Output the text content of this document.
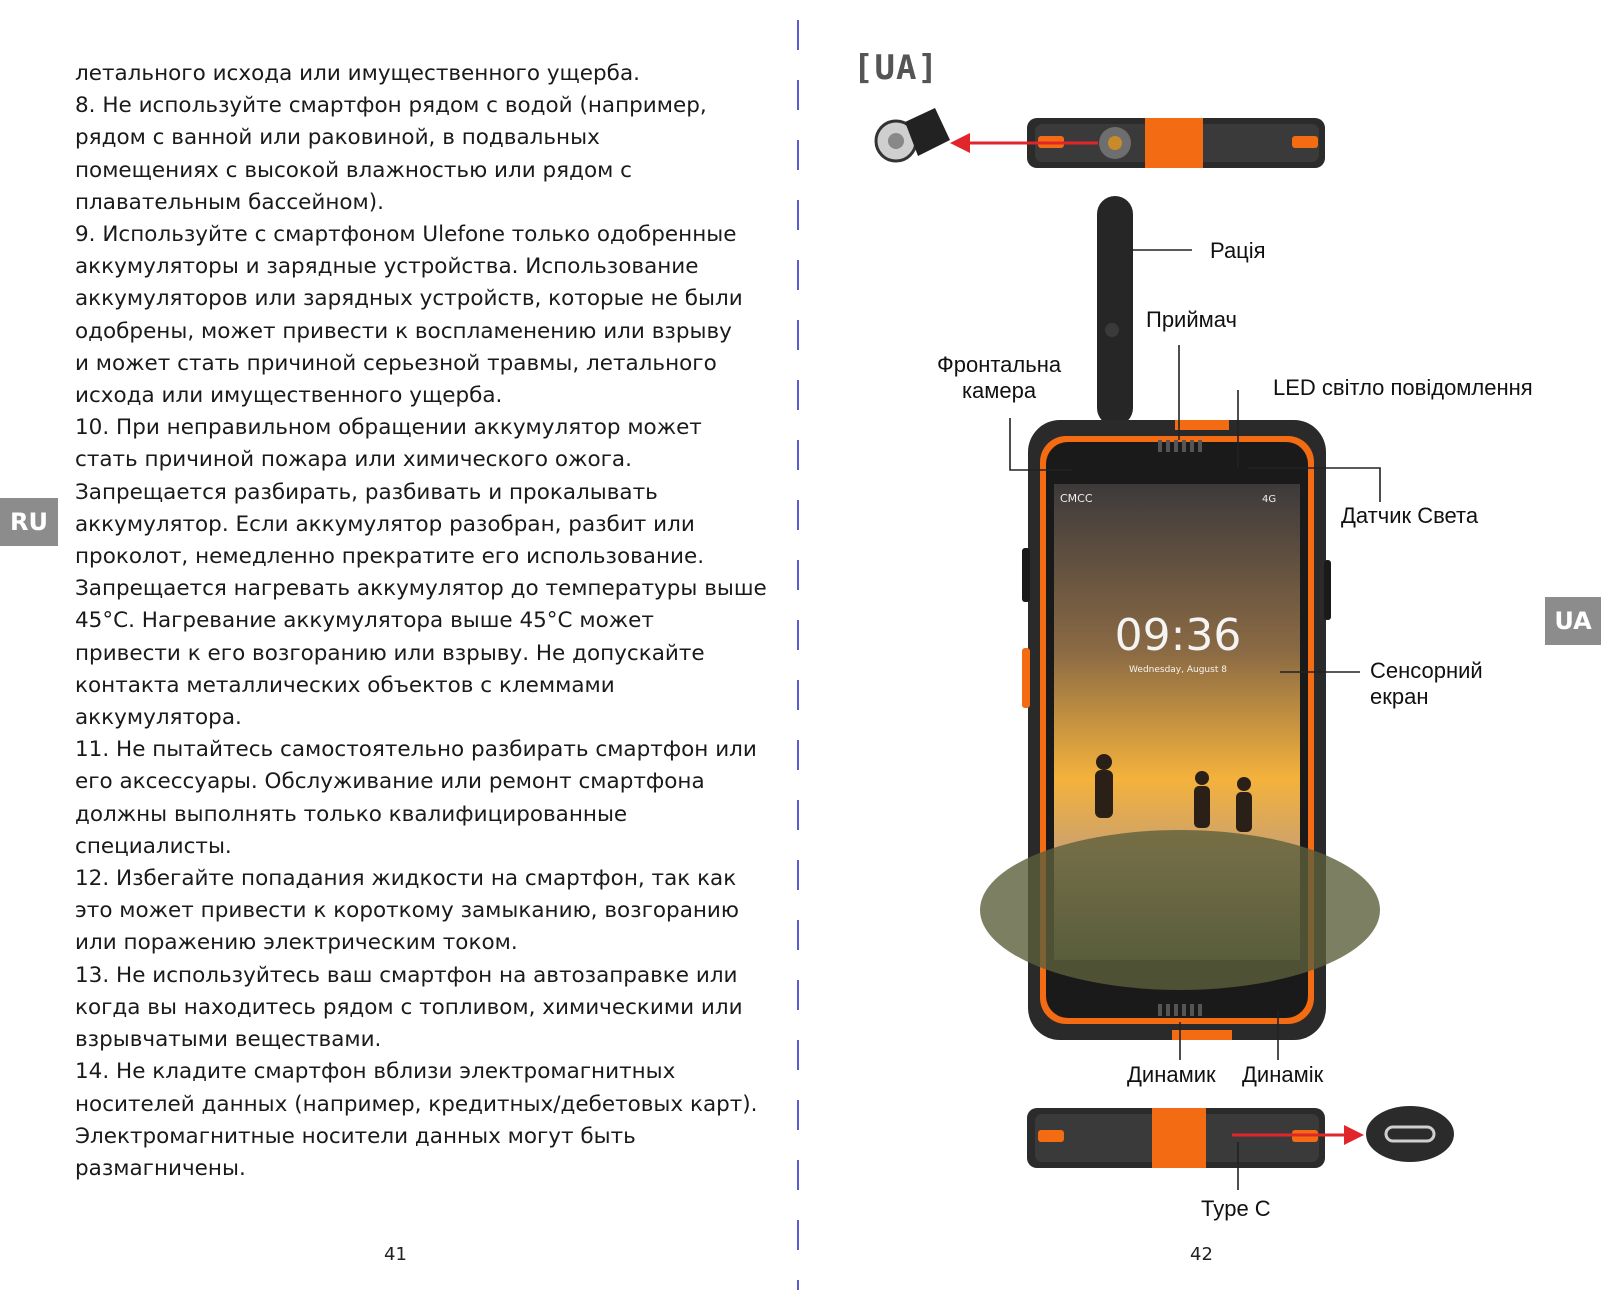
летального исхода или имущественного ущерба.
8. Не используйте смартфон рядом с водой (например,
рядом с ванной или раковиной, в подвальных
помещениях с высокой влажностью или рядом с
плавательным бассейном).
9. Используйте с смартфоном Ulefone только одобренные
аккумуляторы и зарядные устройства. Использование
аккумуляторов или зарядных устройств, которые не были
одобрены, может привести к воспламенению или взрыву
и может стать причиной серьезной травмы, летального
исхода или имущественного ущерба.
10. При неправильном обращении аккумулятор может
стать причиной пожара или химического ожога.
Запрещается разбирать, разбивать и прокалывать
аккумулятор. Если аккумулятор разобран, разбит или
проколот, немедленно прекратите его использование.
Запрещается нагревать аккумулятор до температуры выше
45°C. Нагревание аккумулятора выше 45°C может
привести к его возгоранию или взрыву. Не допускайте
контакта металлических объектов с клеммами
аккумулятора.
11. Не пытайтесь самостоятельно разбирать смартфон или
его аксессуары. Обслуживание или ремонт смартфона
должны выполнять только квалифицированные
специалисты.
12. Избегайте попадания жидкости на смартфон, так как
это может привести к короткому замыканию, возгоранию
или поражению электрическим током.
13. Не используйтесь ваш смартфон на автозаправке или
когда вы находитесь рядом с топливом, химическими или
взрывчатыми веществами.
14. Не кладите смартфон вблизи электромагнитных
носителей данных (например, кредитных/дебетовых карт).
Электромагнитные носители данных могут быть
размагничены.
41
RU
[UA]
42
UA
CMCC	4G
09:36
Wednesday, August 8
Рація
Приймач
Фронтальна
камера	LED світло повідомлення
Датчик Света
Сенсорний
екран
Динамик Динамік
Type C
